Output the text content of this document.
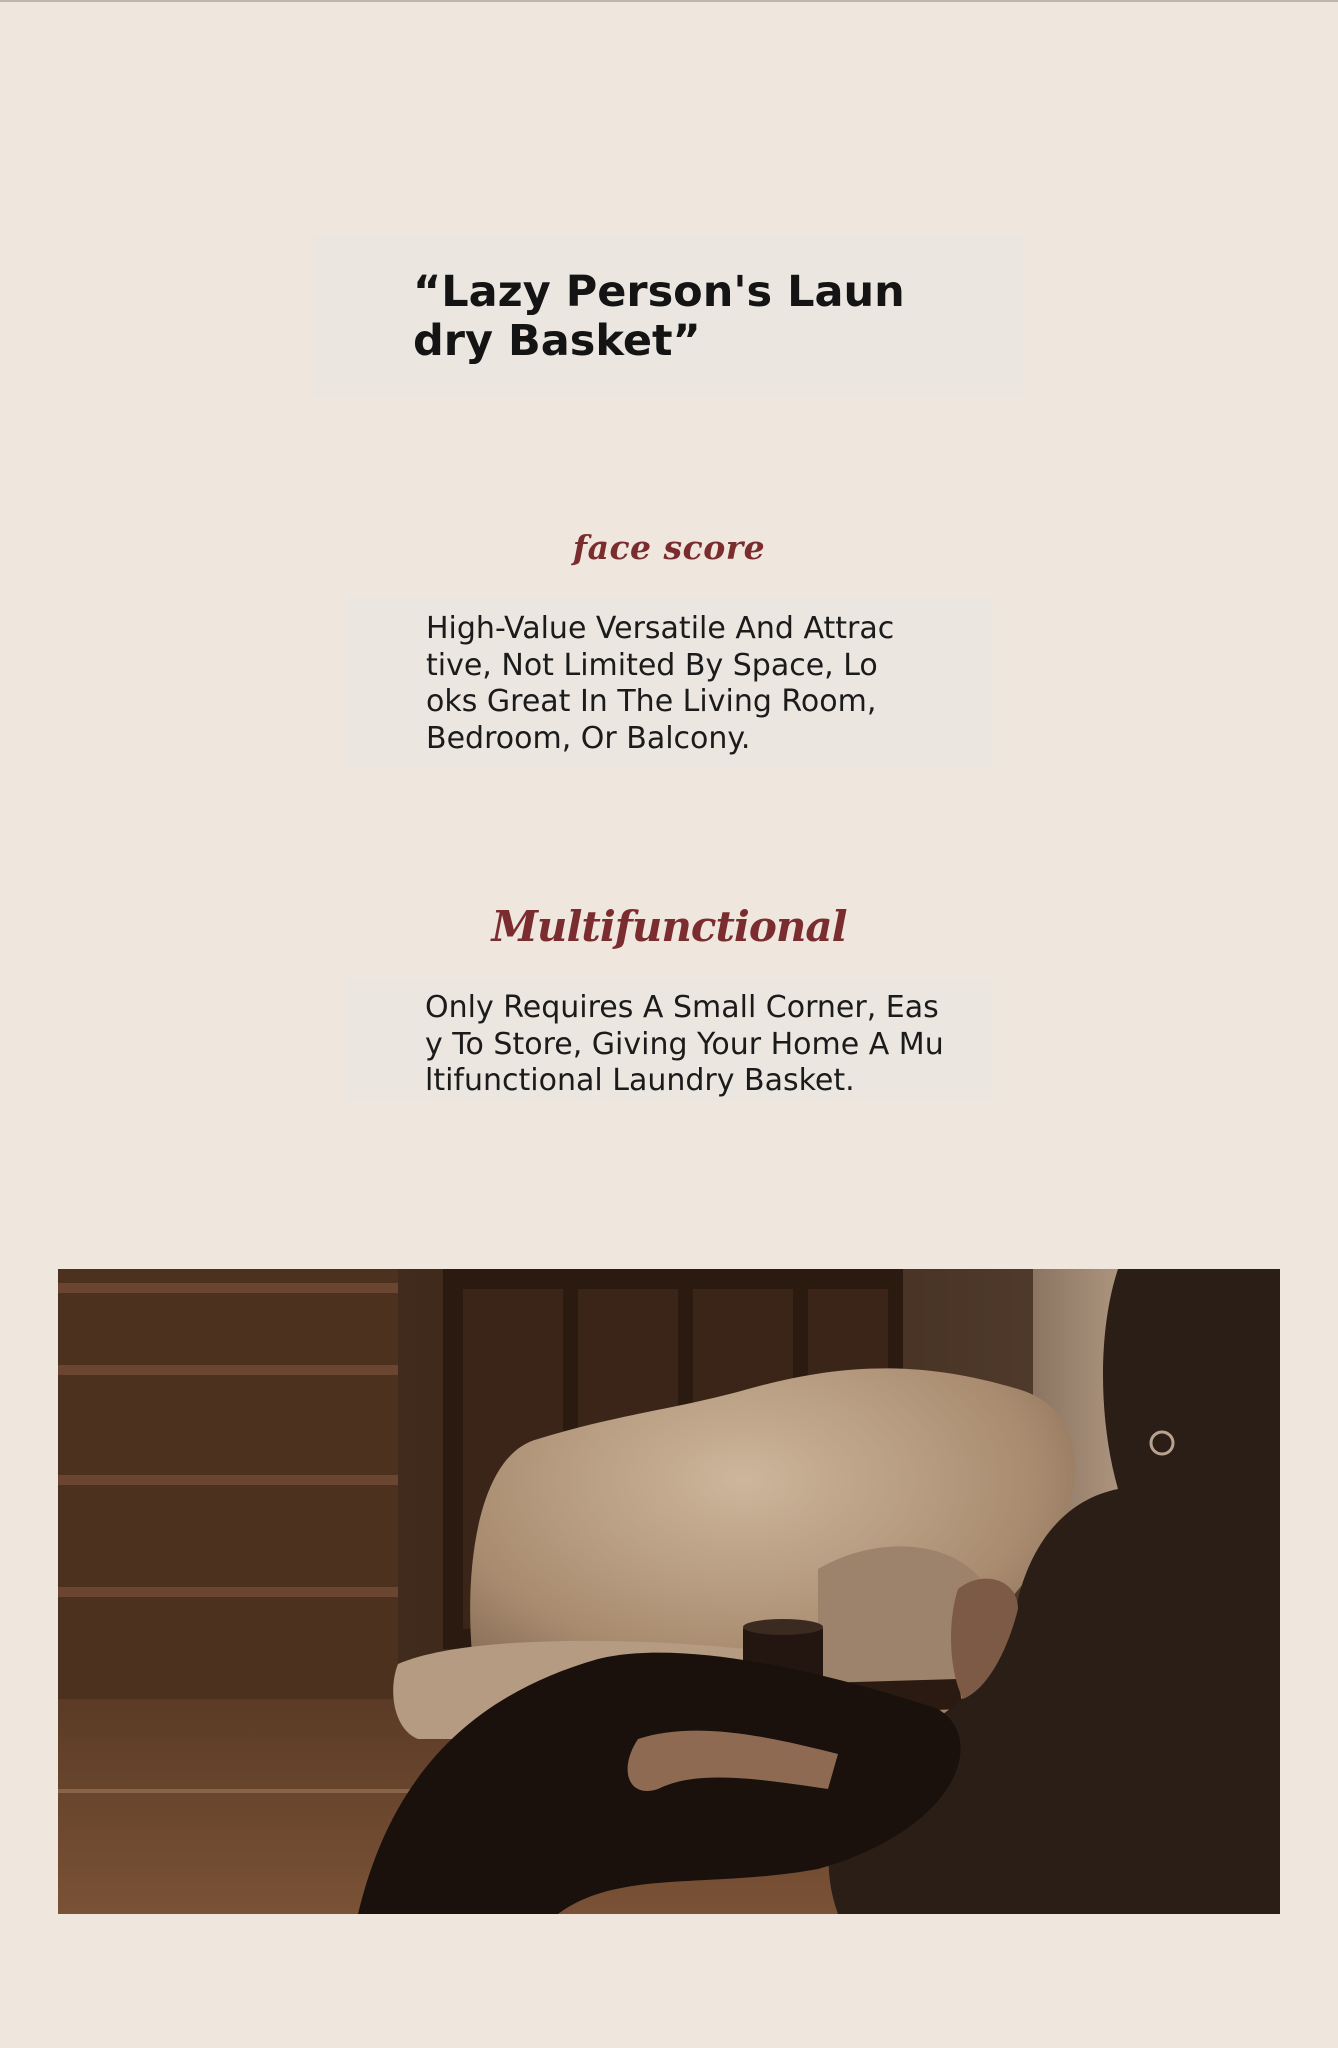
“Lazy Person's Laundry Basket”
face score

High-Value Versatile And Attractive, Not Limited By Space, Looks Great In The Living Room, Bedroom, Or Balcony.

Multifunctional

Only Requires A Small Corner, Easy To Store, Giving Your Home A Multifunctional Laundry Basket.
